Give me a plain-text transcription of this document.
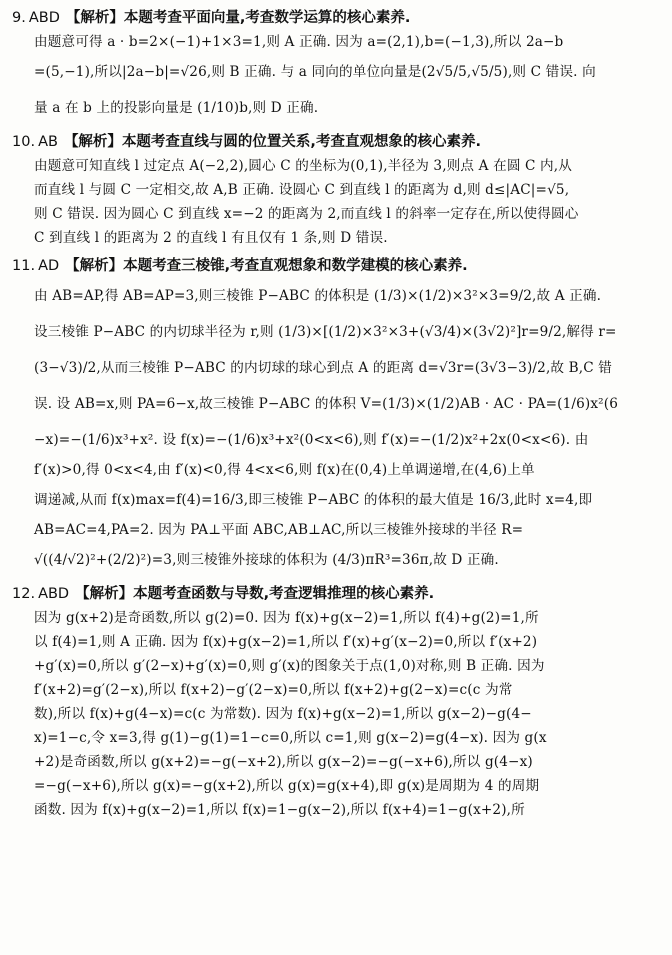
9. ABD 【解析】本题考查平面向量,考查数学运算的核心素养.
由题意可得 a · b=2×(−1)+1×3=1,则 A 正确. 因为 a=(2,1),b=(−1,3),所以 2a−b
=(5,−1),所以|2a−b|=√26,则 B 正确. 与 a 同向的单位向量是(2√5/5,√5/5),则 C 错误. 向
量 a 在 b 上的投影向量是 (1/10)b,则 D 正确.
10. AB 【解析】本题考查直线与圆的位置关系,考查直观想象的核心素养.
由题意可知直线 l 过定点 A(−2,2),圆心 C 的坐标为(0,1),半径为 3,则点 A 在圆 C 内,从
而直线 l 与圆 C 一定相交,故 A,B 正确. 设圆心 C 到直线 l 的距离为 d,则 d≤|AC|=√5,
则 C 错误. 因为圆心 C 到直线 x=−2 的距离为 2,而直线 l 的斜率一定存在,所以使得圆心
C 到直线 l 的距离为 2 的直线 l 有且仅有 1 条,则 D 错误.
11. AD 【解析】本题考查三棱锥,考查直观想象和数学建模的核心素养.
由 AB=AP,得 AB=AP=3,则三棱锥 P−ABC 的体积是 (1/3)×(1/2)×3²×3=9/2,故 A 正确.
设三棱锥 P−ABC 的内切球半径为 r,则 (1/3)×[(1/2)×3²×3+(√3/4)×(3√2)²]r=9/2,解得 r=
(3−√3)/2,从而三棱锥 P−ABC 的内切球的球心到点 A 的距离 d=√3r=(3√3−3)/2,故 B,C 错
误. 设 AB=x,则 PA=6−x,故三棱锥 P−ABC 的体积 V=(1/3)×(1/2)AB · AC · PA=(1/6)x²(6
−x)=−(1/6)x³+x². 设 f(x)=−(1/6)x³+x²(0<x<6),则 f′(x)=−(1/2)x²+2x(0<x<6). 由
f′(x)>0,得 0<x<4,由 f′(x)<0,得 4<x<6,则 f(x)在(0,4)上单调递增,在(4,6)上单
调递减,从而 f(x)max=f(4)=16/3,即三棱锥 P−ABC 的体积的最大值是 16/3,此时 x=4,即
AB=AC=4,PA=2. 因为 PA⊥平面 ABC,AB⊥AC,所以三棱锥外接球的半径 R=
√((4/√2)²+(2/2)²)=3,则三棱锥外接球的体积为 (4/3)πR³=36π,故 D 正确.
12. ABD 【解析】本题考查函数与导数,考查逻辑推理的核心素养.
因为 g(x+2)是奇函数,所以 g(2)=0. 因为 f(x)+g(x−2)=1,所以 f(4)+g(2)=1,所
以 f(4)=1,则 A 正确. 因为 f(x)+g(x−2)=1,所以 f′(x)+g′(x−2)=0,所以 f′(x+2)
+g′(x)=0,所以 g′(2−x)+g′(x)=0,则 g′(x)的图象关于点(1,0)对称,则 B 正确. 因为
f′(x+2)=g′(2−x),所以 f(x+2)−g′(2−x)=0,所以 f(x+2)+g(2−x)=c(c 为常
数),所以 f(x)+g(4−x)=c(c 为常数). 因为 f(x)+g(x−2)=1,所以 g(x−2)−g(4−
x)=1−c,令 x=3,得 g(1)−g(1)=1−c=0,所以 c=1,则 g(x−2)=g(4−x). 因为 g(x
+2)是奇函数,所以 g(x+2)=−g(−x+2),所以 g(x−2)=−g(−x+6),所以 g(4−x)
=−g(−x+6),所以 g(x)=−g(x+2),所以 g(x)=g(x+4),即 g(x)是周期为 4 的周期
函数. 因为 f(x)+g(x−2)=1,所以 f(x)=1−g(x−2),所以 f(x+4)=1−g(x+2),所
